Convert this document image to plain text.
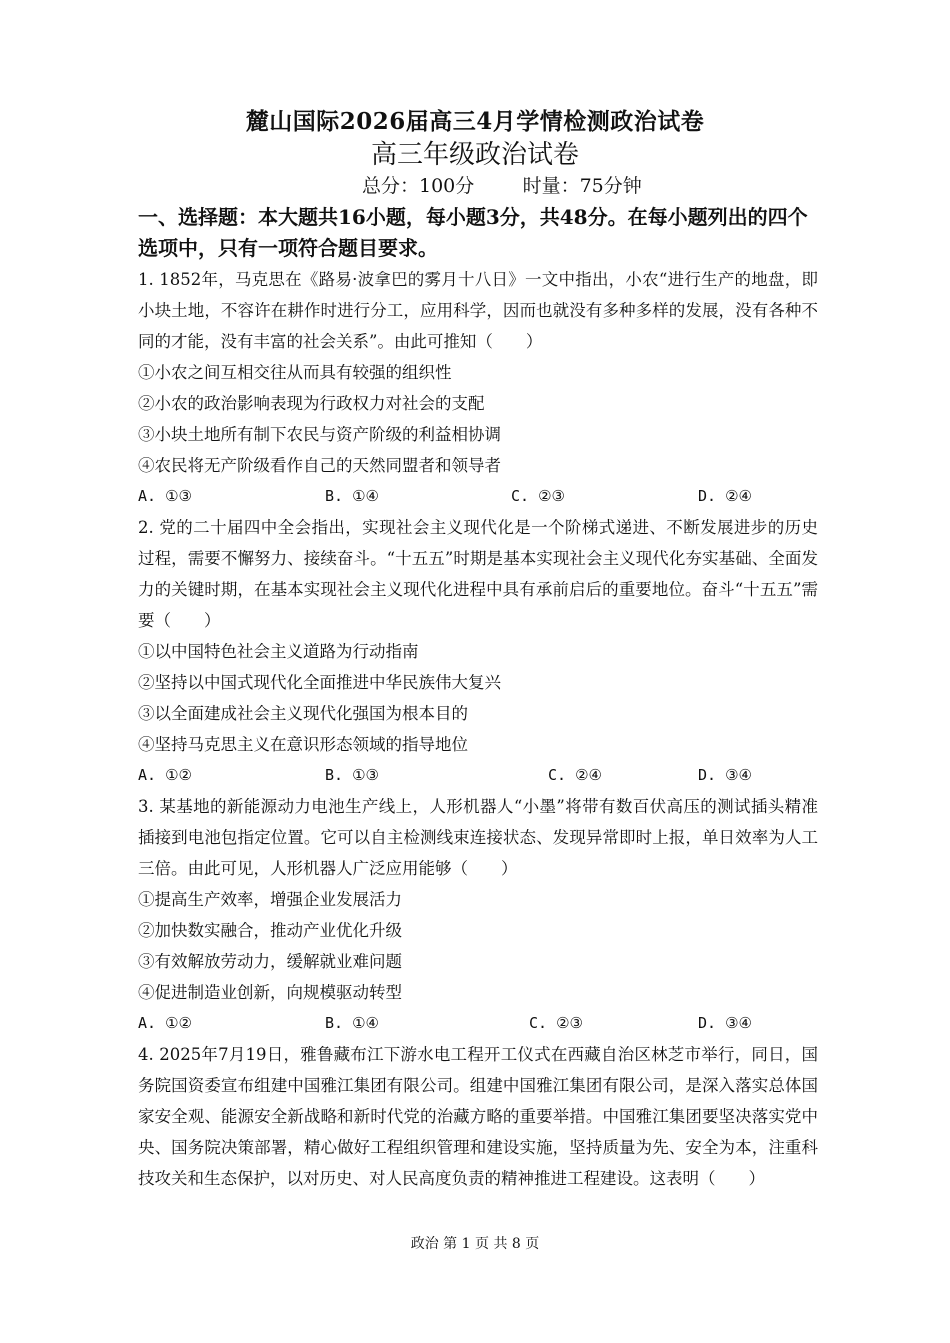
麓山国际2026届高三4月学情检测政治试卷
高三年级政治试卷
总分：100分	时量：75分钟
一、选择题：本大题共16小题，每小题3分，共48分。在每小题列出的四个选项中，只有一项符合题目要求。

1. 1852年，马克思在《路易·波拿巴的雾月十八日》一文中指出，小农“进行生产的地盘，即小块土地，不容许在耕作时进行分工，应用科学，因而也就没有多种多样的发展，没有各种不同的才能，没有丰富的社会关系”。由此可推知（　　）

①小农之间互相交往从而具有较强的组织性

②小农的政治影响表现为行政权力对社会的支配

③小块土地所有制下农民与资产阶级的利益相协调

④农民将无产阶级看作自己的天然同盟者和领导者

A. ①③	B. ①④	C. ②③	D. ②④

2. 党的二十届四中全会指出，实现社会主义现代化是一个阶梯式递进、不断发展进步的历史过程，需要不懈努力、接续奋斗。“十五五”时期是基本实现社会主义现代化夯实基础、全面发力的关键时期，在基本实现社会主义现代化进程中具有承前启后的重要地位。奋斗“十五五”需要（　　）

①以中国特色社会主义道路为行动指南

②坚持以中国式现代化全面推进中华民族伟大复兴

③以全面建成社会主义现代化强国为根本目的

④坚持马克思主义在意识形态领域的指导地位

A. ①②	B. ①③	C. ②④	D. ③④

3. 某基地的新能源动力电池生产线上，人形机器人“小墨”将带有数百伏高压的测试插头精准插接到电池包指定位置。它可以自主检测线束连接状态、发现异常即时上报，单日效率为人工三倍。由此可见，人形机器人广泛应用能够（　　）

①提高生产效率，增强企业发展活力

②加快数实融合，推动产业优化升级

③有效解放劳动力，缓解就业难问题

④促进制造业创新，向规模驱动转型

A. ①②	B. ①④	C. ②③	D. ③④

4. 2025年7月19日，雅鲁藏布江下游水电工程开工仪式在西藏自治区林芝市举行，同日，国务院国资委宣布组建中国雅江集团有限公司。组建中国雅江集团有限公司，是深入落实总体国家安全观、能源安全新战略和新时代党的治藏方略的重要举措。中国雅江集团要坚决落实党中央、国务院决策部署，精心做好工程组织管理和建设实施，坚持质量为先、安全为本，注重科技攻关和生态保护，以对历史、对人民高度负责的精神推进工程建设。这表明（　　）

政治 第 1 页 共 8 页
